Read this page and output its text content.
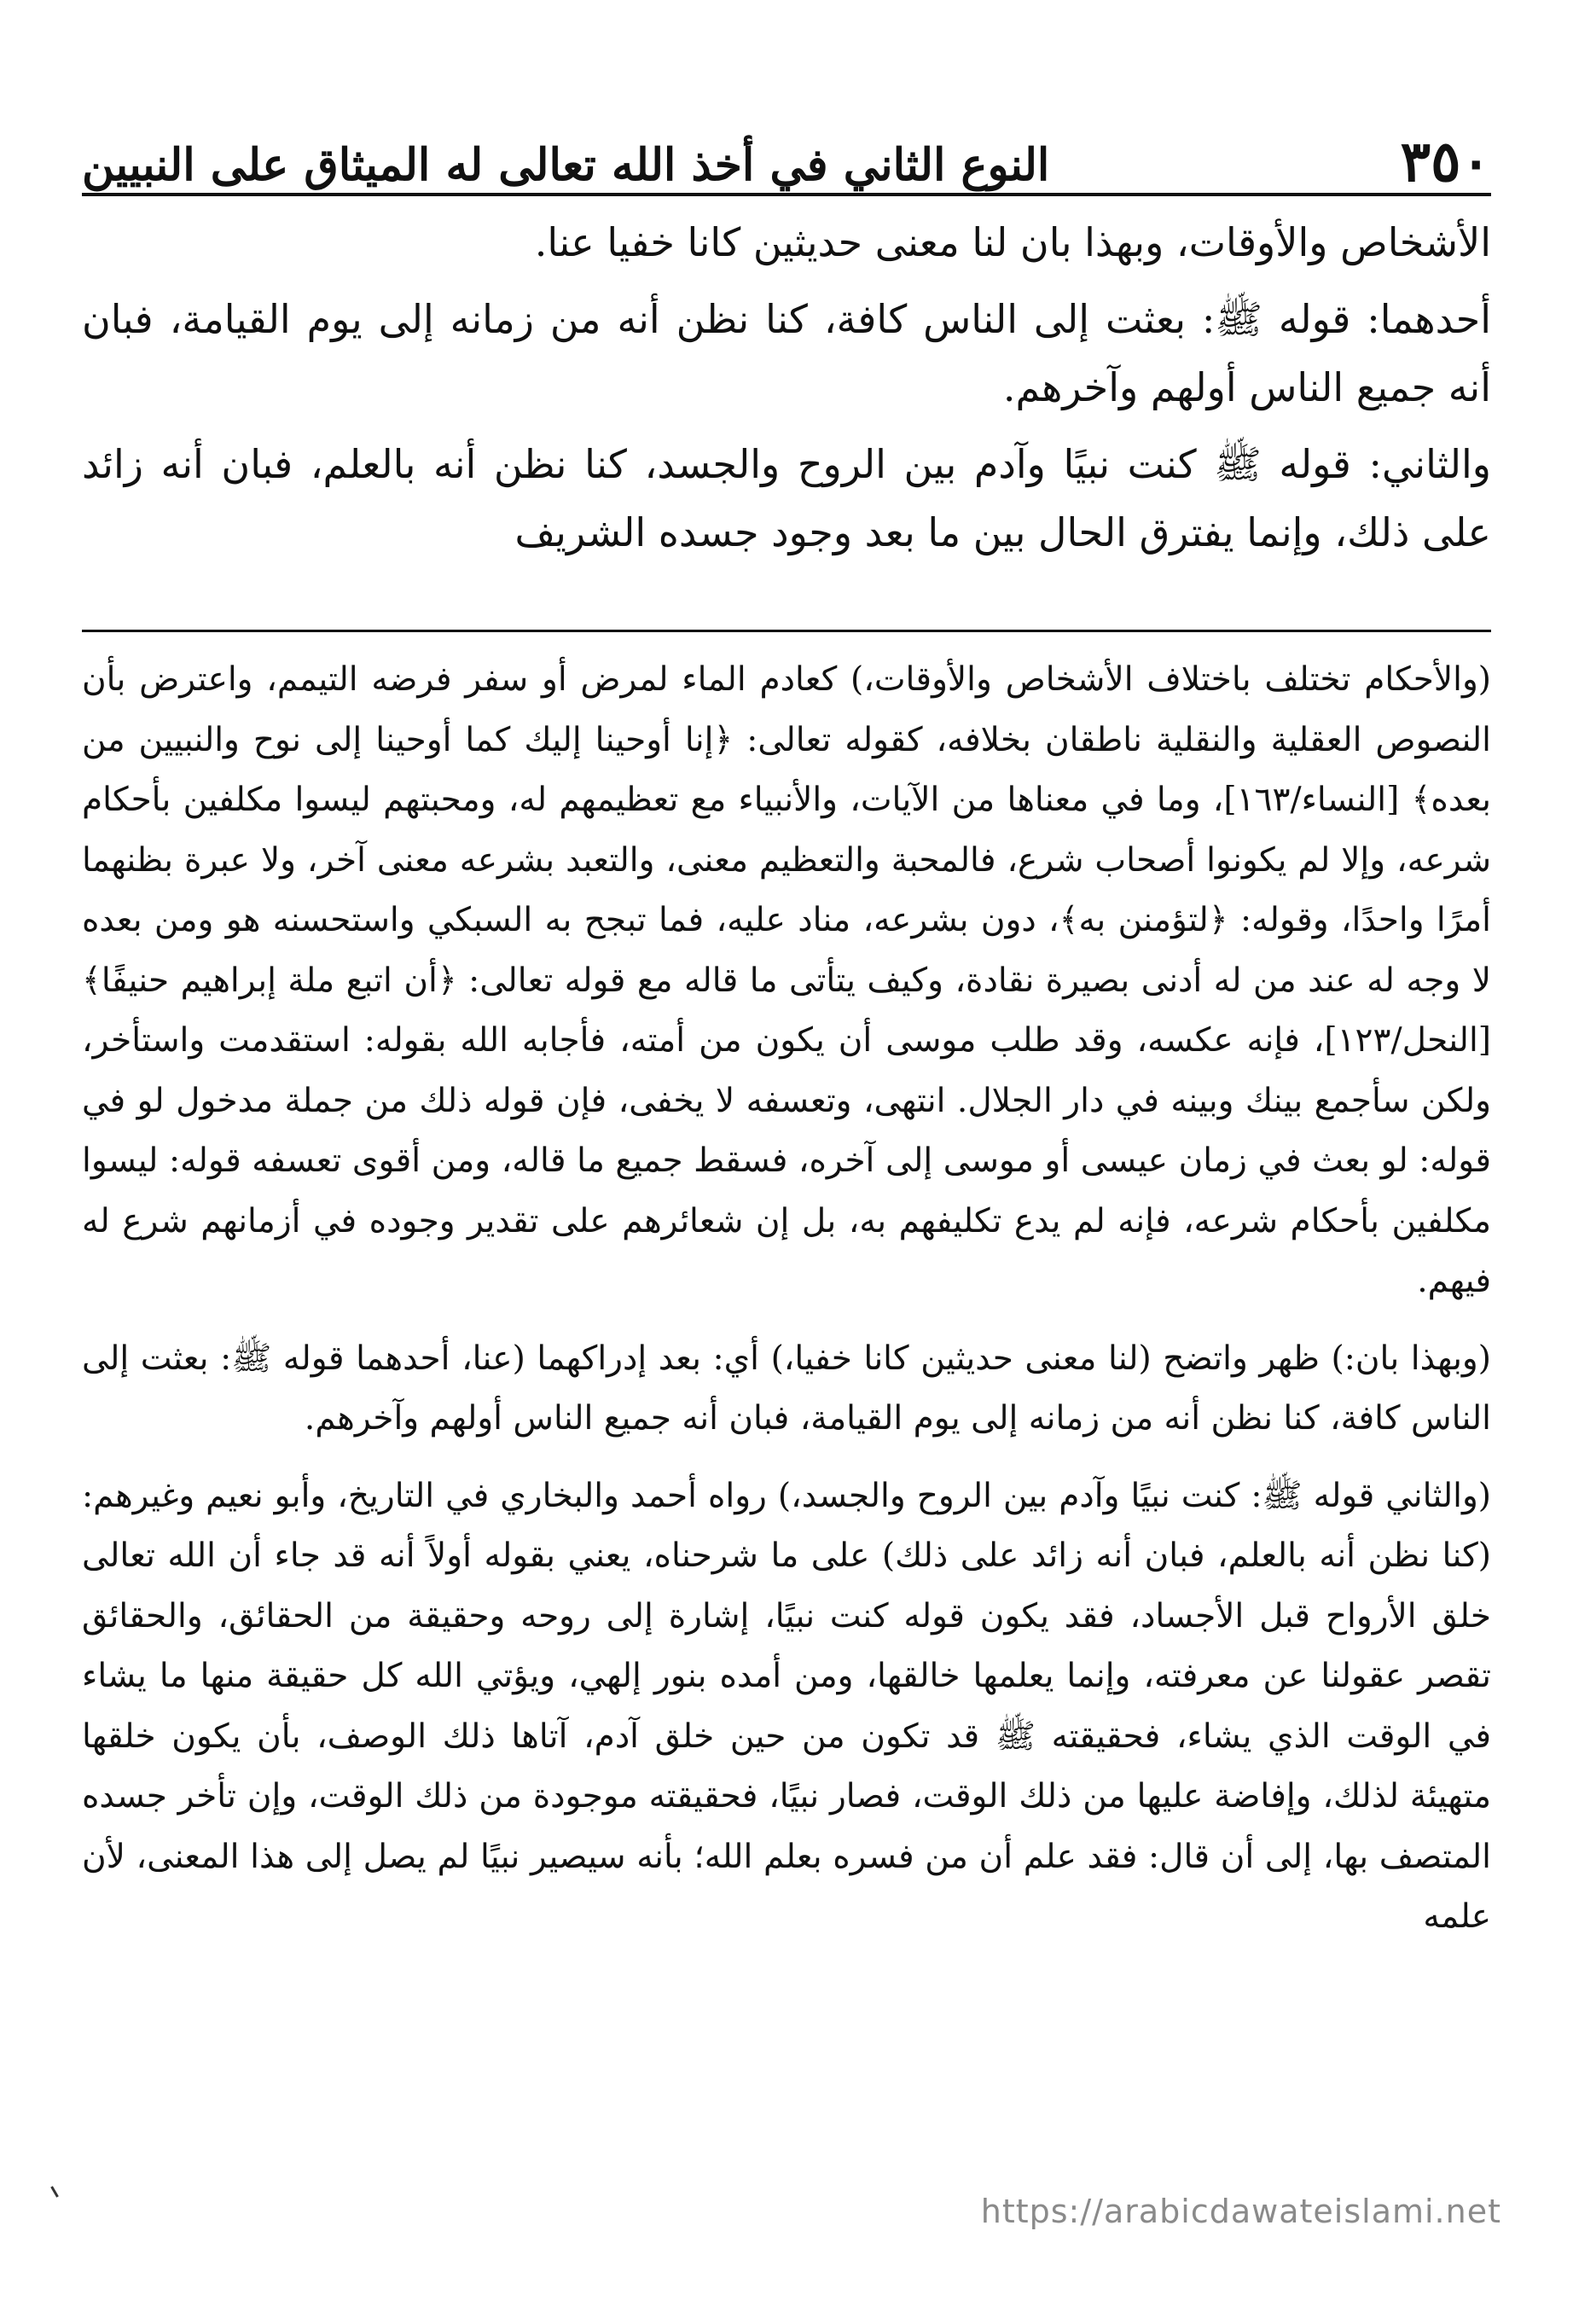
٣٥٠
النوع الثاني في أخذ الله تعالى له الميثاق على النبيين

الأشخاص والأوقات، وبهذا بان لنا معنى حديثين كانا خفيا عنا.

أحدهما: قوله ﷺ: بعثت إلى الناس كافة، كنا نظن أنه من زمانه إلى يوم القيامة، فبان أنه جميع الناس أولهم وآخرهم.

والثاني: قوله ﷺ كنت نبيًا وآدم بين الروح والجسد، كنا نظن أنه بالعلم، فبان أنه زائد على ذلك، وإنما يفترق الحال بين ما بعد وجود جسده الشريف

(والأحكام تختلف باختلاف الأشخاص والأوقات،) كعادم الماء لمرض أو سفر فرضه التيمم، واعترض بأن النصوص العقلية والنقلية ناطقان بخلافه، كقوله تعالى: ﴿إنا أوحينا إليك كما أوحينا إلى نوح والنبيين من بعده﴾ [النساء/١٦٣]، وما في معناها من الآيات، والأنبياء مع تعظيمهم له، ومحبتهم ليسوا مكلفين بأحكام شرعه، وإلا لم يكونوا أصحاب شرع، فالمحبة والتعظيم معنى، والتعبد بشرعه معنى آخر، ولا عبرة بظنهما أمرًا واحدًا، وقوله: ﴿لتؤمنن به﴾، دون بشرعه، مناد عليه، فما تبجح به السبكي واستحسنه هو ومن بعده لا وجه له عند من له أدنى بصيرة نقادة، وكيف يتأتى ما قاله مع قوله تعالى: ﴿أن اتبع ملة إبراهيم حنيفًا﴾ [النحل/١٢٣]، فإنه عكسه، وقد طلب موسى أن يكون من أمته، فأجابه الله بقوله: استقدمت واستأخر، ولكن سأجمع بينك وبينه في دار الجلال. انتهى، وتعسفه لا يخفى، فإن قوله ذلك من جملة مدخول لو في قوله: لو بعث في زمان عيسى أو موسى إلى آخره، فسقط جميع ما قاله، ومن أقوى تعسفه قوله: ليسوا مكلفين بأحكام شرعه، فإنه لم يدع تكليفهم به، بل إن شعائرهم على تقدير وجوده في أزمانهم شرع له فيهم.

(وبهذا بان:) ظهر واتضح (لنا معنى حديثين كانا خفيا،) أي: بعد إدراكهما (عنا، أحدهما قوله ﷺ: بعثت إلى الناس كافة، كنا نظن أنه من زمانه إلى يوم القيامة، فبان أنه جميع الناس أولهم وآخرهم.

(والثاني قوله ﷺ: كنت نبيًا وآدم بين الروح والجسد،) رواه أحمد والبخاري في التاريخ، وأبو نعيم وغيرهم: (كنا نظن أنه بالعلم، فبان أنه زائد على ذلك) على ما شرحناه، يعني بقوله أولاً أنه قد جاء أن الله تعالى خلق الأرواح قبل الأجساد، فقد يكون قوله كنت نبيًا، إشارة إلى روحه وحقيقة من الحقائق، والحقائق تقصر عقولنا عن معرفته، وإنما يعلمها خالقها، ومن أمده بنور إلهي، ويؤتي الله كل حقيقة منها ما يشاء في الوقت الذي يشاء، فحقيقته ﷺ قد تكون من حين خلق آدم، آتاها ذلك الوصف، بأن يكون خلقها متهيئة لذلك، وإفاضة عليها من ذلك الوقت، فصار نبيًا، فحقيقته موجودة من ذلك الوقت، وإن تأخر جسده المتصف بها، إلى أن قال: فقد علم أن من فسره بعلم الله؛ بأنه سيصير نبيًا لم يصل إلى هذا المعنى، لأن علمه

https://arabicdawateislami.net
